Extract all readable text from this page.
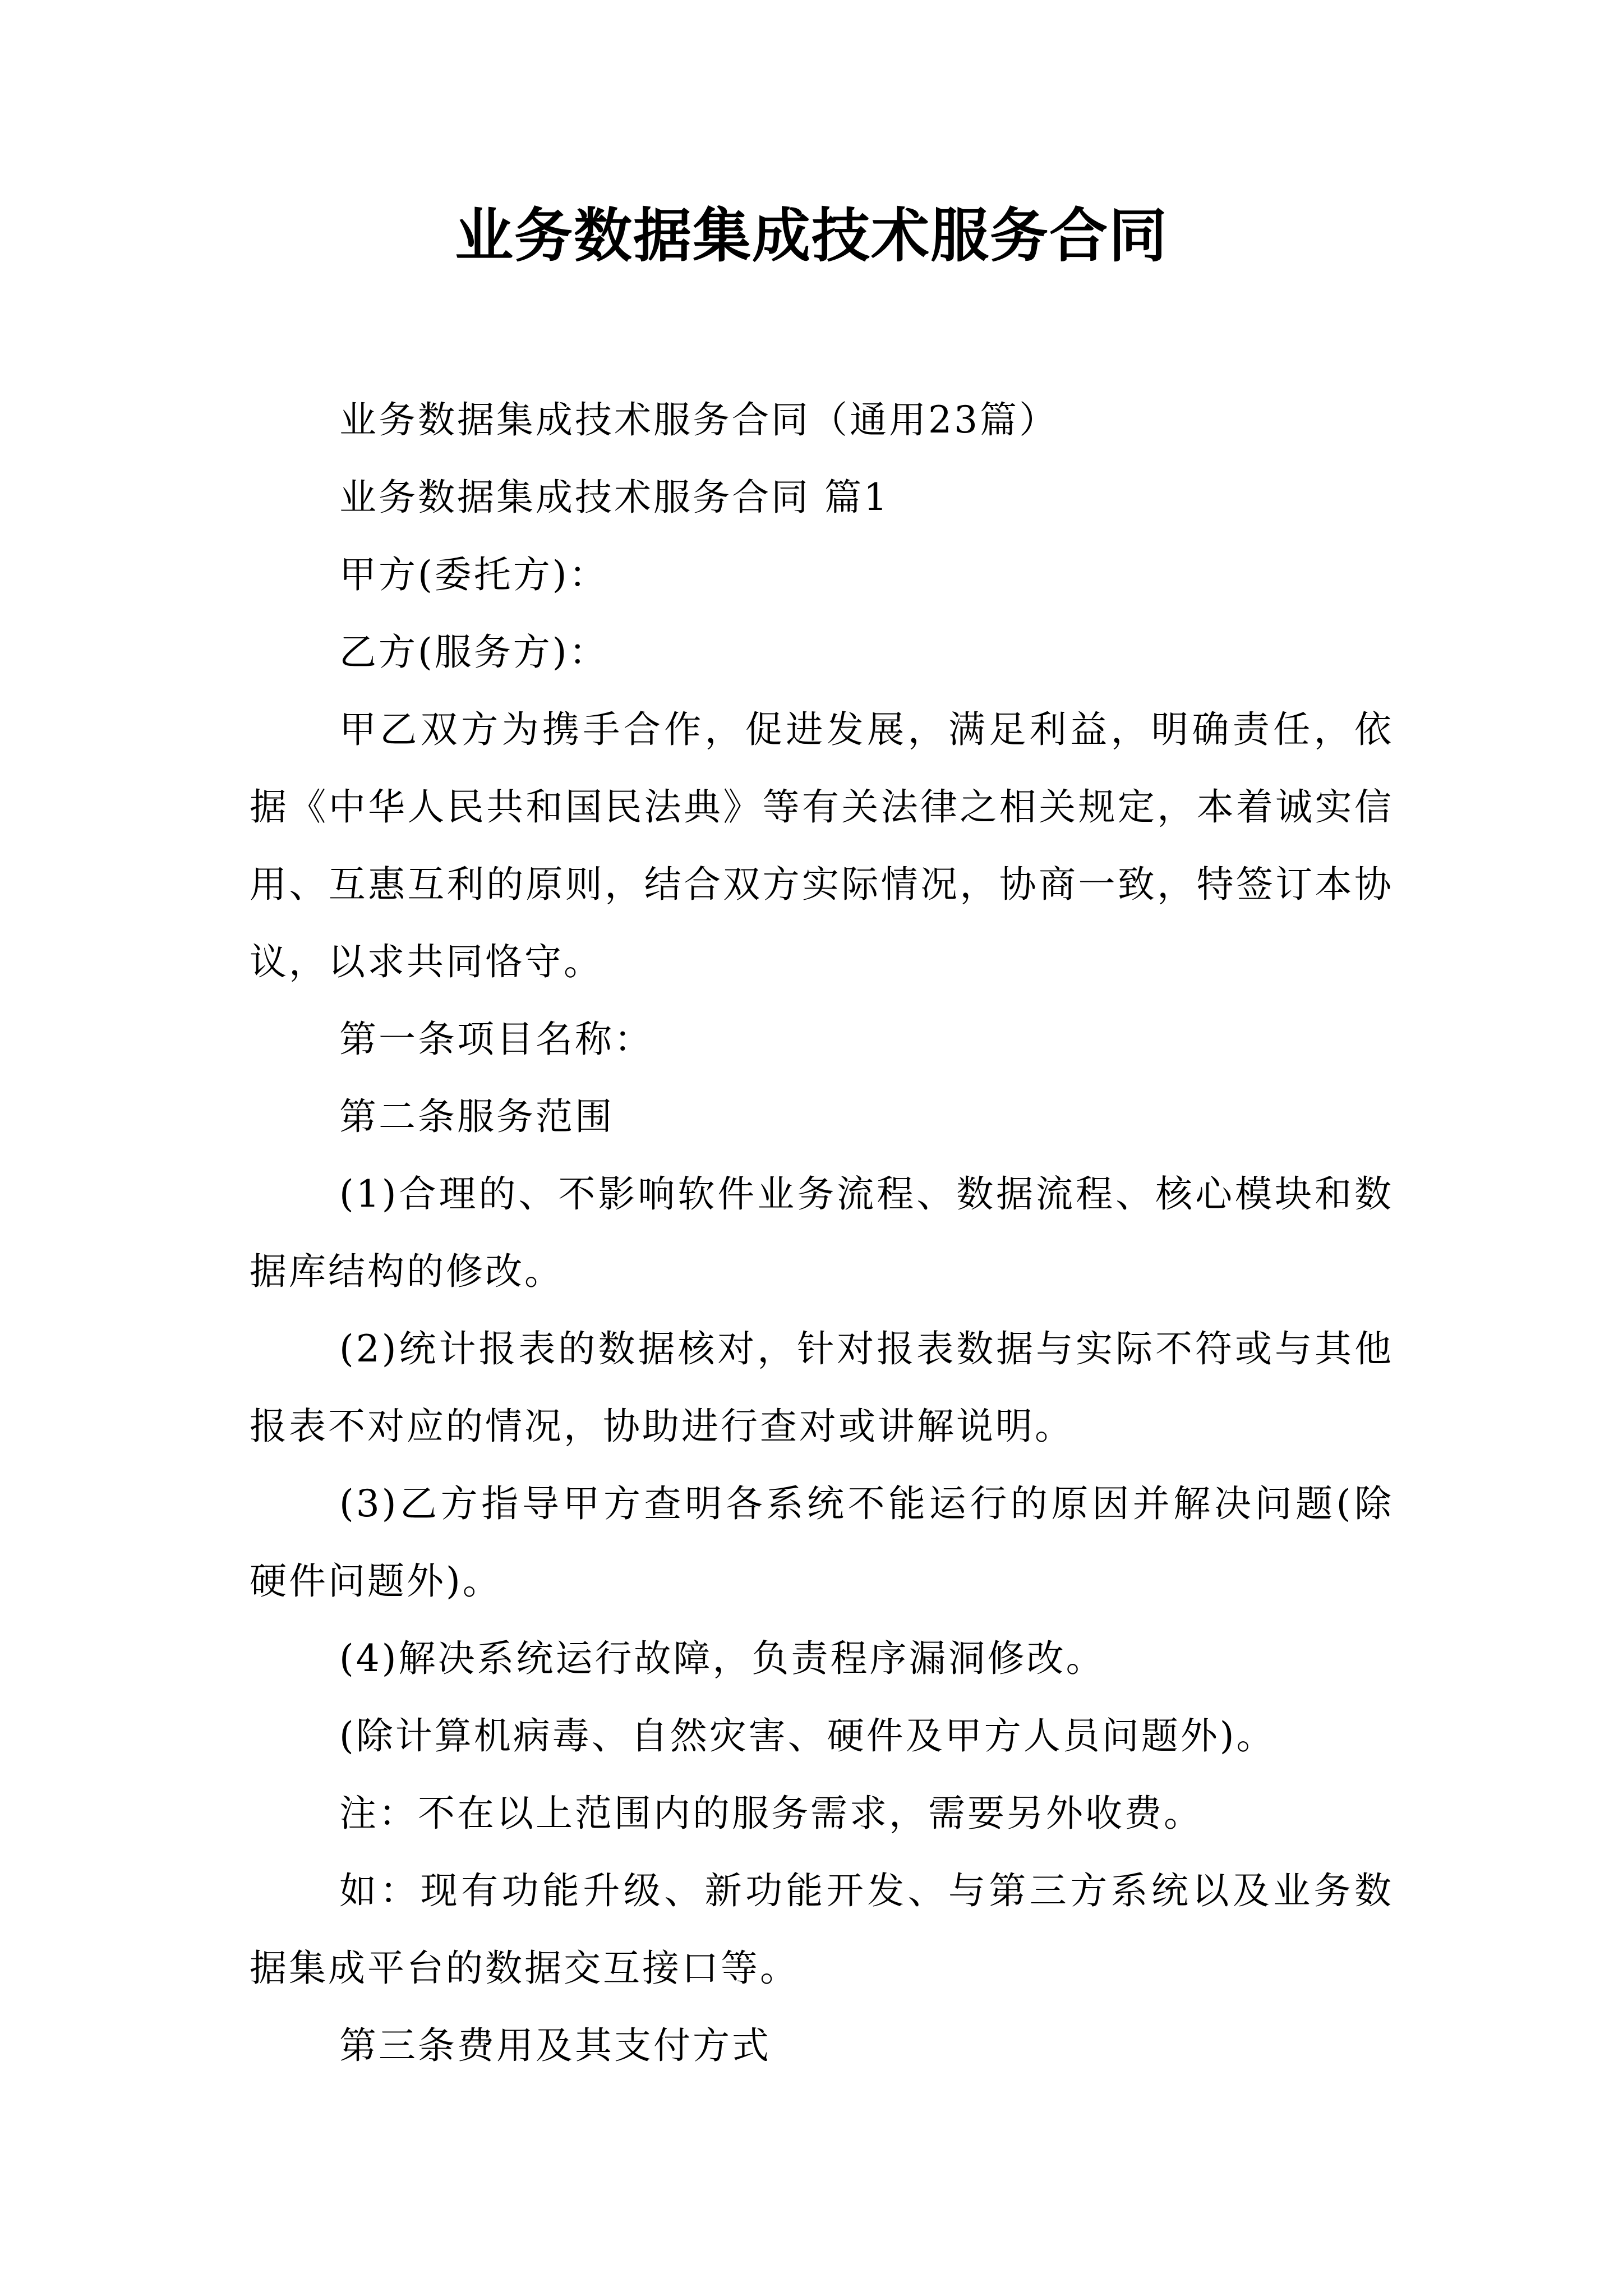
业务数据集成技术服务合同

业务数据集成技术服务合同（通用23篇）

业务数据集成技术服务合同 篇1

甲方(委托方)：

乙方(服务方)：

甲乙双方为携手合作，促进发展，满足利益，明确责任，依据《中华人民共和国民法典》等有关法律之相关规定，本着诚实信用、互惠互利的原则，结合双方实际情况，协商一致，特签订本协议，以求共同恪守。

第一条项目名称：

第二条服务范围

(1)合理的、不影响软件业务流程、数据流程、核心模块和数据库结构的修改。

(2)统计报表的数据核对，针对报表数据与实际不符或与其他报表不对应的情况，协助进行查对或讲解说明。

(3)乙方指导甲方查明各系统不能运行的原因并解决问题(除硬件问题外)。

(4)解决系统运行故障，负责程序漏洞修改。

(除计算机病毒、自然灾害、硬件及甲方人员问题外)。

注：不在以上范围内的服务需求，需要另外收费。

如：现有功能升级、新功能开发、与第三方系统以及业务数据集成平台的数据交互接口等。

第三条费用及其支付方式
